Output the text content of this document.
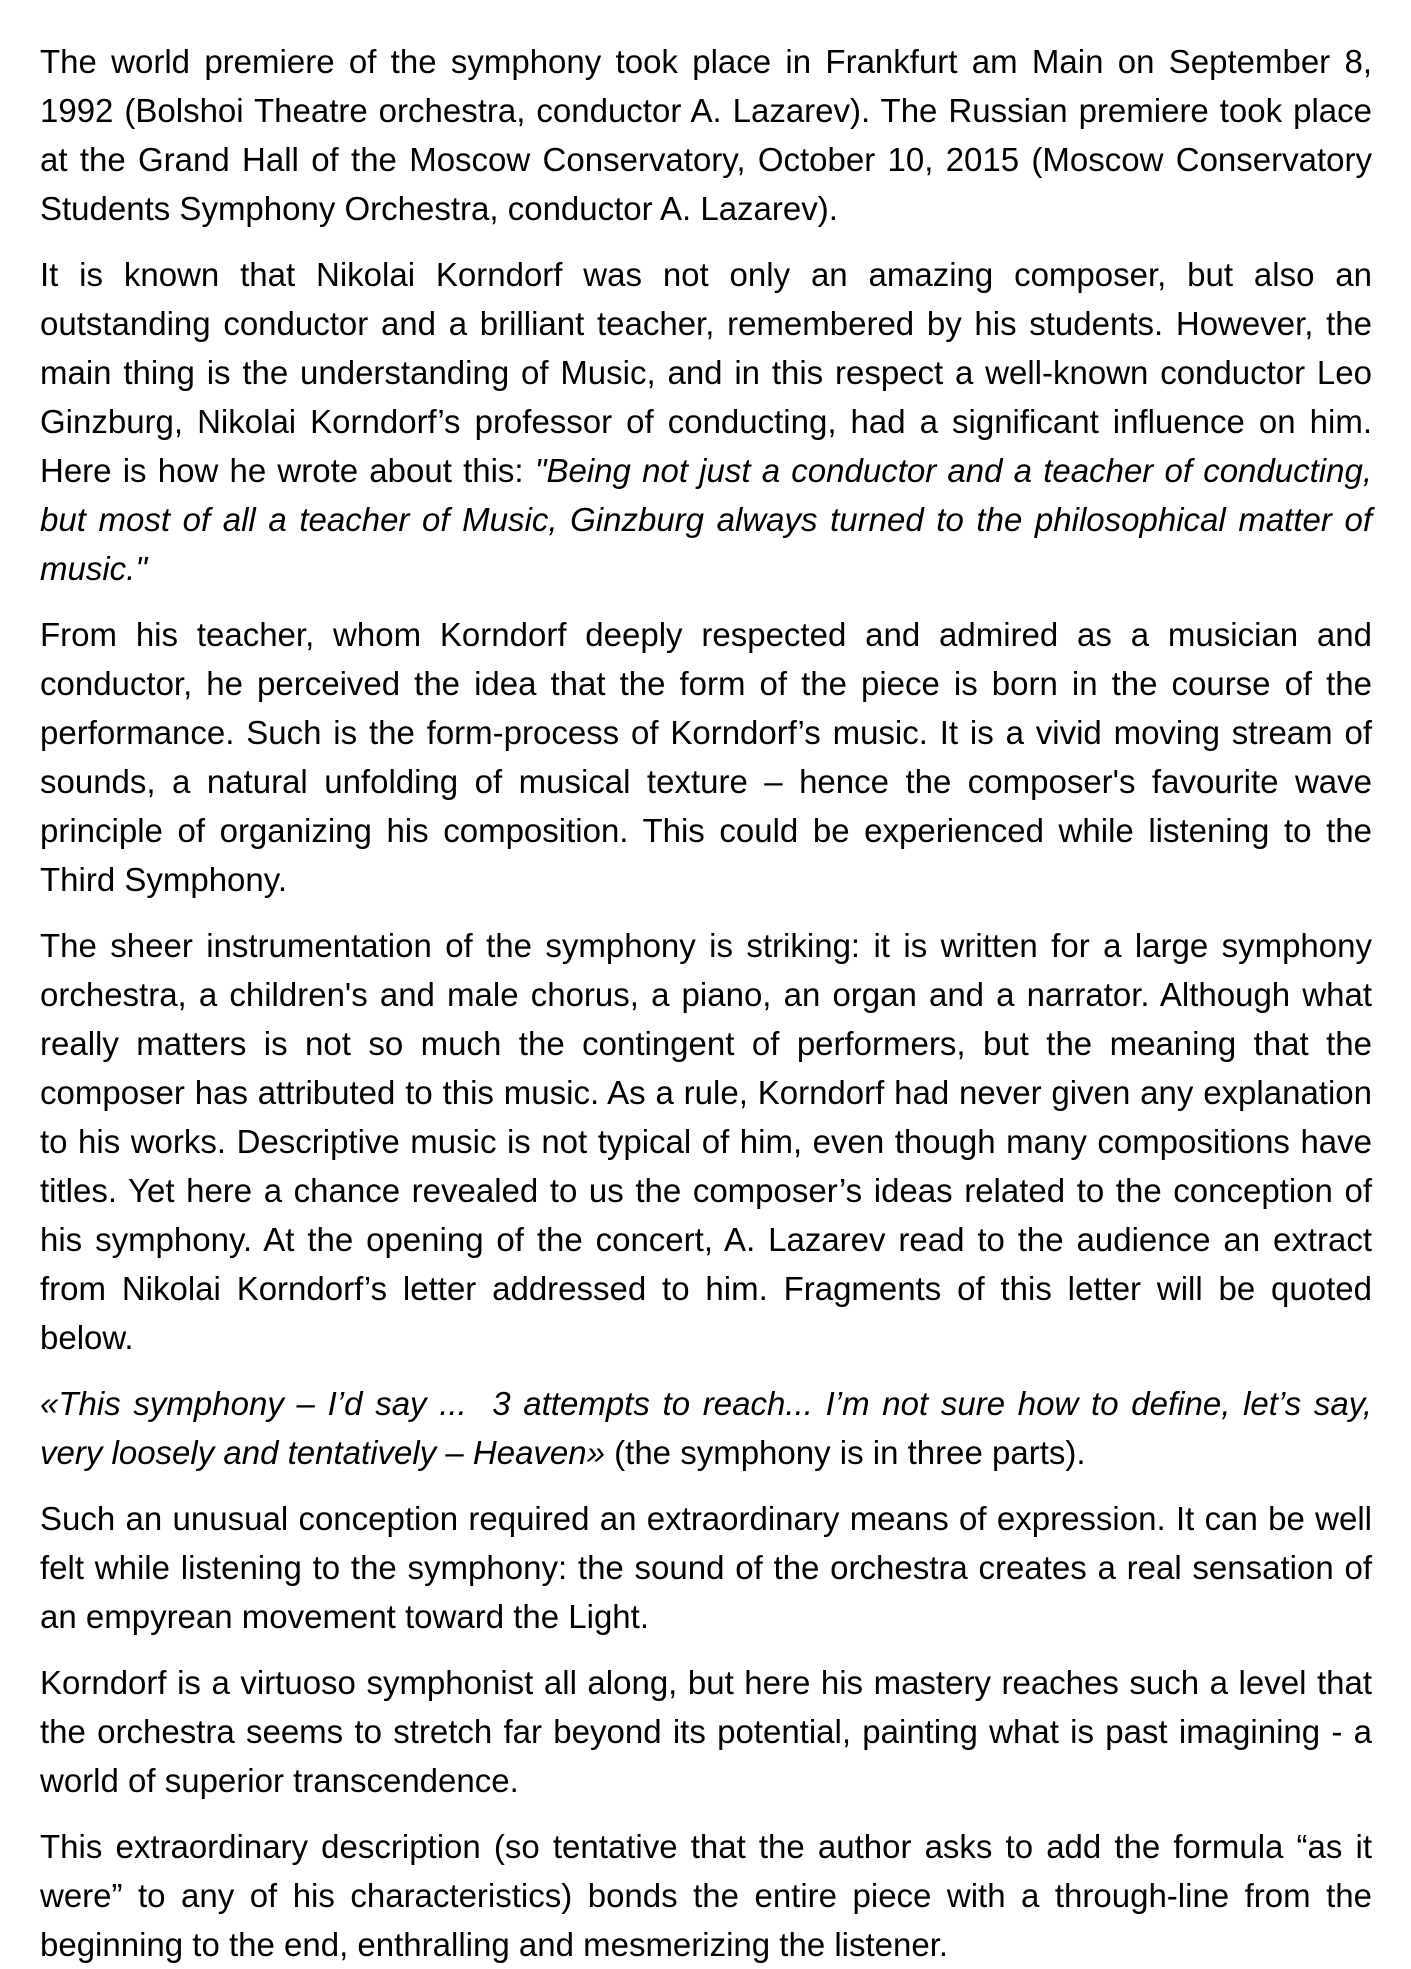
The world premiere of the symphony took place in Frankfurt am Main on September 8, 1992 (Bolshoi Theatre orchestra, conductor A. Lazarev). The Russian premiere took place at the Grand Hall of the Moscow Conservatory, October 10, 2015 (Moscow Conservatory Students Symphony Orchestra, conductor A. Lazarev).

It is known that Nikolai Korndorf was not only an amazing composer, but also an outstanding conductor and a brilliant teacher, remembered by his students. However, the main thing is the understanding of Music, and in this respect a well-known conductor Leo Ginzburg, Nikolai Korndorf’s professor of conducting, had a significant influence on him. Here is how he wrote about this: "Being not just a conductor and a teacher of conducting, but most of all a teacher of Music, Ginzburg always turned to the philosophical matter of music."

From his teacher, whom Korndorf deeply respected and admired as a musician and conductor, he perceived the idea that the form of the piece is born in the course of the performance. Such is the form-process of Korndorf’s music. It is a vivid moving stream of sounds, a natural unfolding of musical texture – hence the composer's favourite wave principle of organizing his composition. This could be experienced while listening to the Third Symphony.

The sheer instrumentation of the symphony is striking: it is written for a large symphony orchestra, a children's and male chorus, a piano, an organ and a narrator. Although what really matters is not so much the contingent of performers, but the meaning that the composer has attributed to this music. As a rule, Korndorf had never given any explanation to his works. Descriptive music is not typical of him, even though many compositions have titles. Yet here a chance revealed to us the composer’s ideas related to the conception of his symphony. At the opening of the concert, A. Lazarev read to the audience an extract from Nikolai Korndorf’s letter addressed to him. Fragments of this letter will be quoted below.

«This symphony – I’d say ...  3 attempts to reach... I’m not sure how to define, let’s say, very loosely and tentatively – Heaven» (the symphony is in three parts).

Such an unusual conception required an extraordinary means of expression. It can be well felt while listening to the symphony: the sound of the orchestra creates a real sensation of an empyrean movement toward the Light.

Korndorf is a virtuoso symphonist all along, but here his mastery reaches such a level that the orchestra seems to stretch far beyond its potential, painting what is past imagining - a world of superior transcendence.

This extraordinary description (so tentative that the author asks to add the formula “as it were” to any of his characteristics) bonds the entire piece with a through-line from the beginning to the end, enthralling and mesmerizing the listener.
